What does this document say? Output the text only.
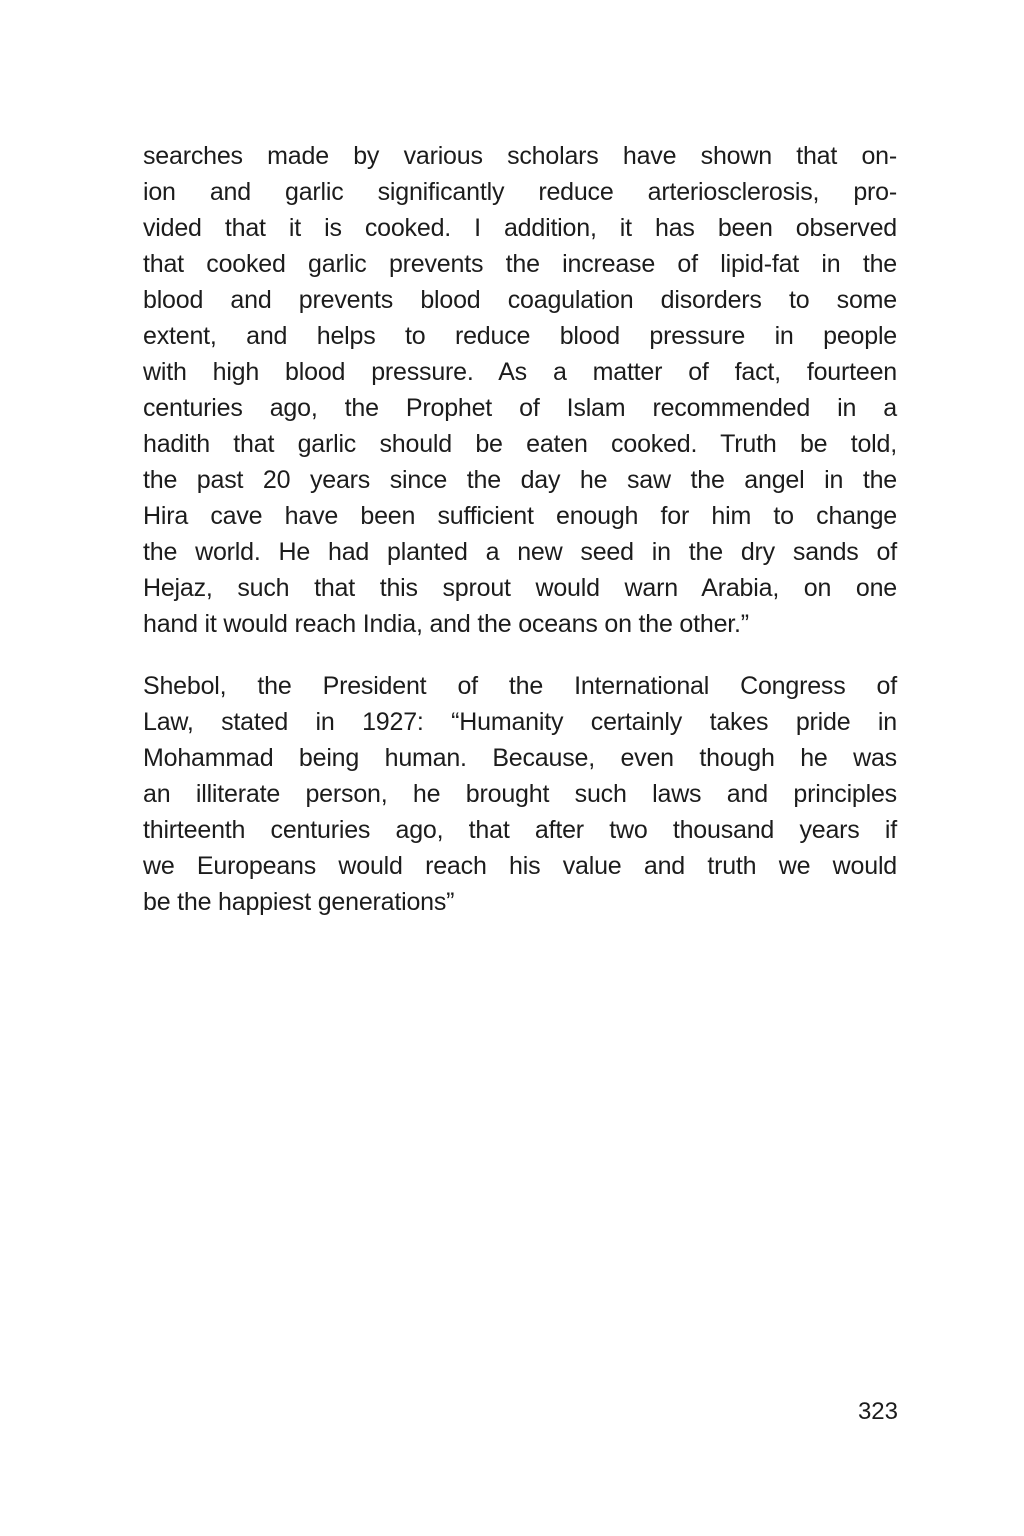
searches made by various scholars have shown that on-
ion and garlic significantly reduce arteriosclerosis, pro-
vided that it is cooked. I addition, it has been observed
that cooked garlic prevents the increase of lipid-fat in the
blood and prevents blood coagulation disorders to some
extent, and helps to reduce blood pressure in people
with high blood pressure. As a matter of fact, fourteen
centuries ago, the Prophet of Islam recommended in a
hadith that garlic should be eaten cooked. Truth be told,
the past 20 years since the day he saw the angel in the
Hira cave have been sufficient enough for him to change
the world. He had planted a new seed in the dry sands of
Hejaz, such that this sprout would warn Arabia, on one
hand it would reach India, and the oceans on the other.”
Shebol, the President of the International Congress of
Law, stated in 1927: “Humanity certainly takes pride in
Mohammad being human. Because, even though he was
an illiterate person, he brought such laws and principles
thirteenth centuries ago, that after two thousand years if
we Europeans would reach his value and truth we would
be the happiest generations”
323
